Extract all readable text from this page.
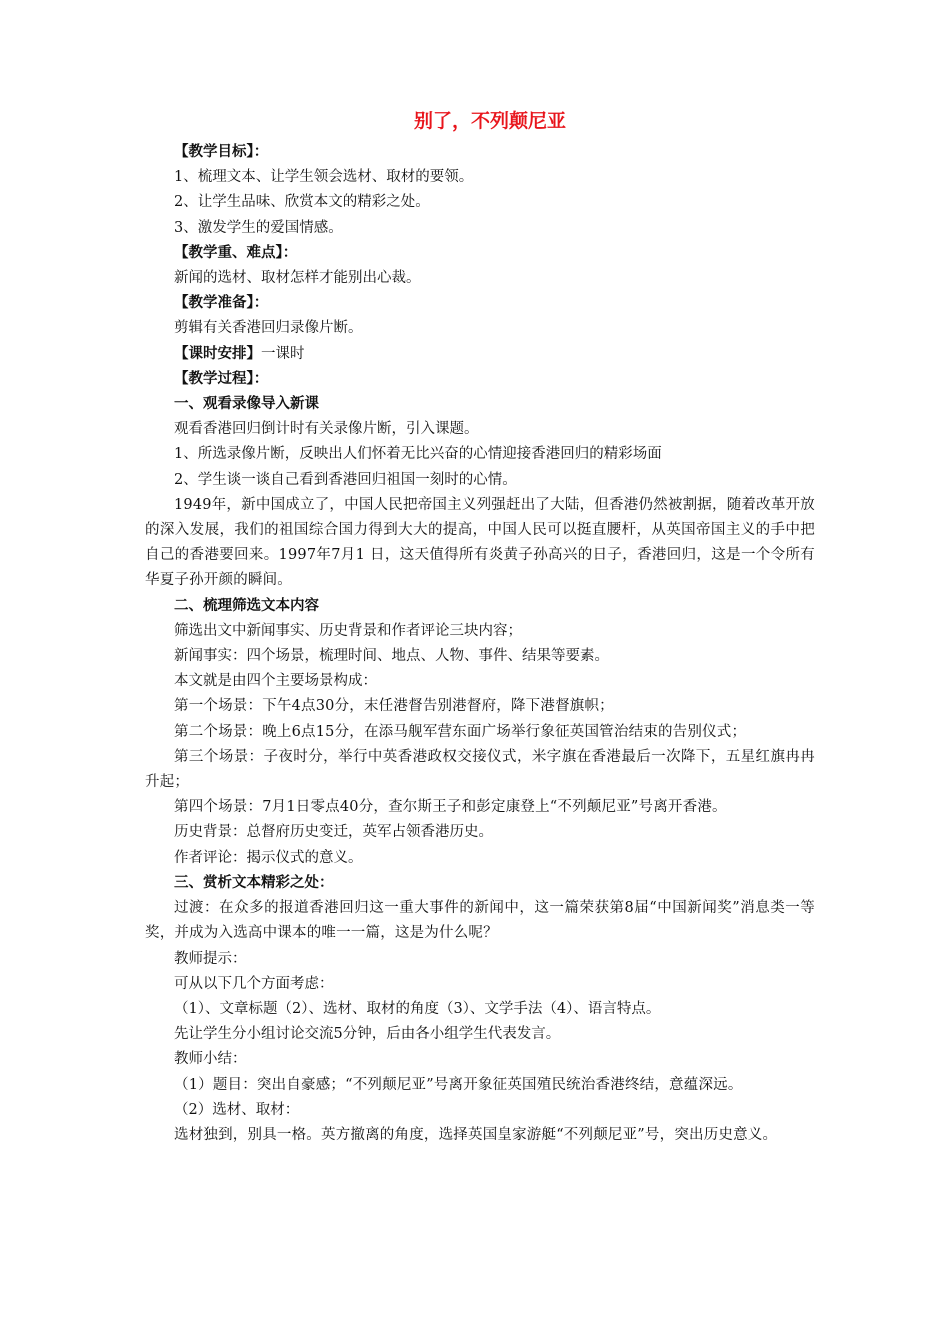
别了，不列颠尼亚

【教学目标】：

1、梳理文本、让学生领会选材、取材的要领。

2、让学生品味、欣赏本文的精彩之处。

3、激发学生的爱国情感。

【教学重、难点】：

新闻的选材、取材怎样才能别出心裁。

【教学准备】：

剪辑有关香港回归录像片断。

【课时安排】一课时

【教学过程】：

一、观看录像导入新课

观看香港回归倒计时有关录像片断，引入课题。

1、所选录像片断，反映出人们怀着无比兴奋的心情迎接香港回归的精彩场面

2、学生谈一谈自己看到香港回归祖国一刻时的心情。

1949年，新中国成立了，中国人民把帝国主义列强赶出了大陆，但香港仍然被割据，随着改革开放的深入发展，我们的祖国综合国力得到大大的提高，中国人民可以挺直腰杆，从英国帝国主义的手中把自己的香港要回来。1997年7月1 日，这天值得所有炎黄子孙高兴的日子，香港回归，这是一个令所有华夏子孙开颜的瞬间。

二、梳理筛选文本内容

筛选出文中新闻事实、历史背景和作者评论三块内容；

新闻事实：四个场景，梳理时间、地点、人物、事件、结果等要素。

本文就是由四个主要场景构成：

第一个场景：下午4点30分，末任港督告别港督府，降下港督旗帜；

第二个场景：晚上6点15分，在添马舰军营东面广场举行象征英国管治结束的告别仪式；

第三个场景：子夜时分，举行中英香港政权交接仪式，米字旗在香港最后一次降下，五星红旗冉冉升起；

第四个场景：7月1日零点40分，查尔斯王子和彭定康登上“不列颠尼亚”号离开香港。

历史背景：总督府历史变迁，英军占领香港历史。

作者评论：揭示仪式的意义。

三、赏析文本精彩之处：

过渡：在众多的报道香港回归这一重大事件的新闻中，这一篇荣获第8届“中国新闻奖”消息类一等奖，并成为入选高中课本的唯一一篇，这是为什么呢？

教师提示：

可从以下几个方面考虑：

（1）、文章标题（2）、选材、取材的角度（3）、文学手法（4）、语言特点。

先让学生分小组讨论交流5分钟，后由各小组学生代表发言。

教师小结：

（1）题目：突出自豪感；“不列颠尼亚”号离开象征英国殖民统治香港终结，意蕴深远。

（2）选材、取材：

选材独到，别具一格。英方撤离的角度，选择英国皇家游艇“不列颠尼亚”号，突出历史意义。
